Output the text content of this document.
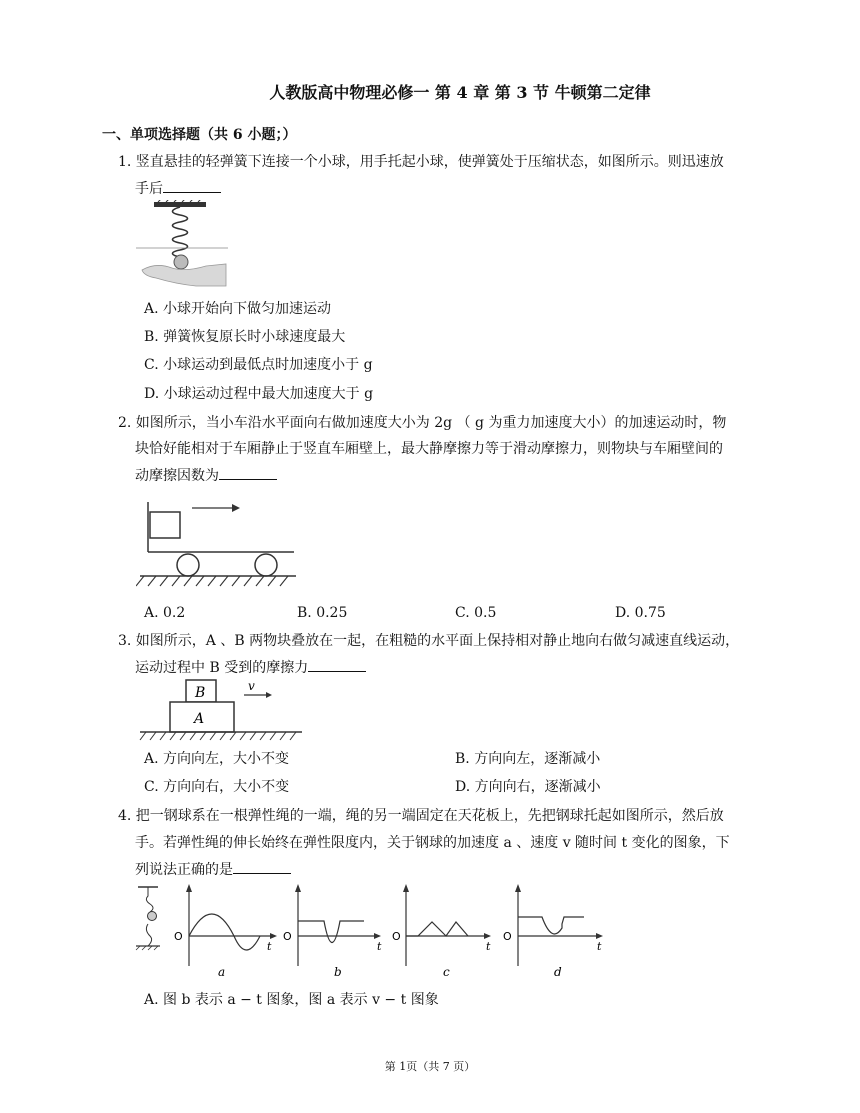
人教版高中物理必修一 第 4 章 第 3 节 牛顿第二定律
一、单项选择题（共 6 小题；）
1. 竖直悬挂的轻弹簧下连接一个小球，用手托起小球，使弹簧处于压缩状态，如图所示。则迅速放
手后
A. 小球开始向下做匀加速运动
B. 弹簧恢复原长时小球速度最大
C. 小球运动到最低点时加速度小于 g
D. 小球运动过程中最大加速度大于 g
2. 如图所示，当小车沿水平面向右做加速度大小为 2g （ g 为重力加速度大小）的加速运动时，物
块恰好能相对于车厢静止于竖直车厢壁上，最大静摩擦力等于滑动摩擦力，则物块与车厢壁间的
动摩擦因数为
A. 0.2	B. 0.25	C. 0.5	D. 0.75
3. 如图所示，A 、B 两物块叠放在一起，在粗糙的水平面上保持相对静止地向右做匀减速直线运动，
运动过程中 B 受到的摩擦力
B
A
v
A. 方向向左，大小不变	B. 方向向左，逐渐减小
C. 方向向右，大小不变	D. 方向向右，逐渐减小
4. 把一钢球系在一根弹性绳的一端，绳的另一端固定在天花板上，先把钢球托起如图所示，然后放
手。若弹性绳的伸长始终在弹性限度内，关于钢球的加速度 a 、速度 v 随时间 t 变化的图象，下
列说法正确的是
O
t
a
O
t
b
O
t
c
O
t
d
A. 图 b 表示 a − t 图象，图 a 表示 v − t 图象
第 1页（共 7 页）
